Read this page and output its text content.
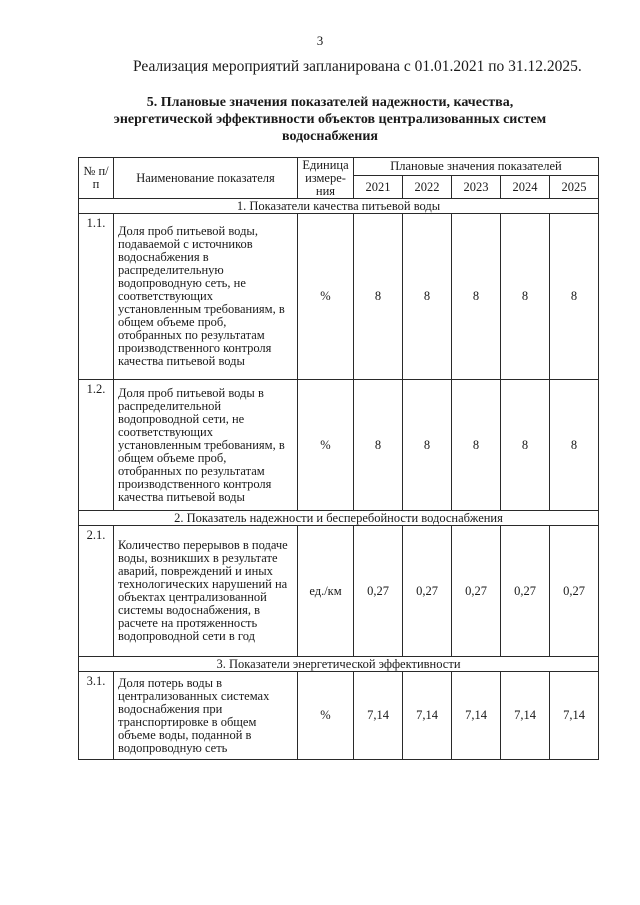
3
Реализация мероприятий запланирована с 01.01.2021 по 31.12.2025.
5. Плановые значения показателей надежности, качества, энергетической эффективности объектов централизованных систем водоснабжения
№ п/п	Наименование показателя	Единица измере-ния	Плановые значения показателей				
			2021	2022	2023	2024	2025
1. Показатели качества питьевой воды							
1.1.	Доля проб питьевой воды, подаваемой с источников водоснабжения в распределительную водопроводную сеть, не соответствующих установленным требованиям, в общем объеме проб, отобранных по результатам производственного контроля качества питьевой воды	%	8	8	8	8	8
1.2.	Доля проб питьевой воды в распределительной водопроводной сети, не соответствующих установленным требованиям, в общем объеме проб, отобранных по результатам производственного контроля качества питьевой воды	%	8	8	8	8	8
2. Показатель надежности и бесперебойности водоснабжения							
2.1.	Количество перерывов в подаче воды, возникших в результате аварий, повреждений и иных технологических нарушений на объектах централизованной системы водоснабжения, в расчете на протяженность водопроводной сети в год	ед./км	0,27	0,27	0,27	0,27	0,27
3. Показатели энергетической эффективности							
3.1.	Доля потерь воды в централизованных системах водоснабжения при транспортировке в общем объеме воды, поданной в водопроводную сеть	%	7,14	7,14	7,14	7,14	7,14
